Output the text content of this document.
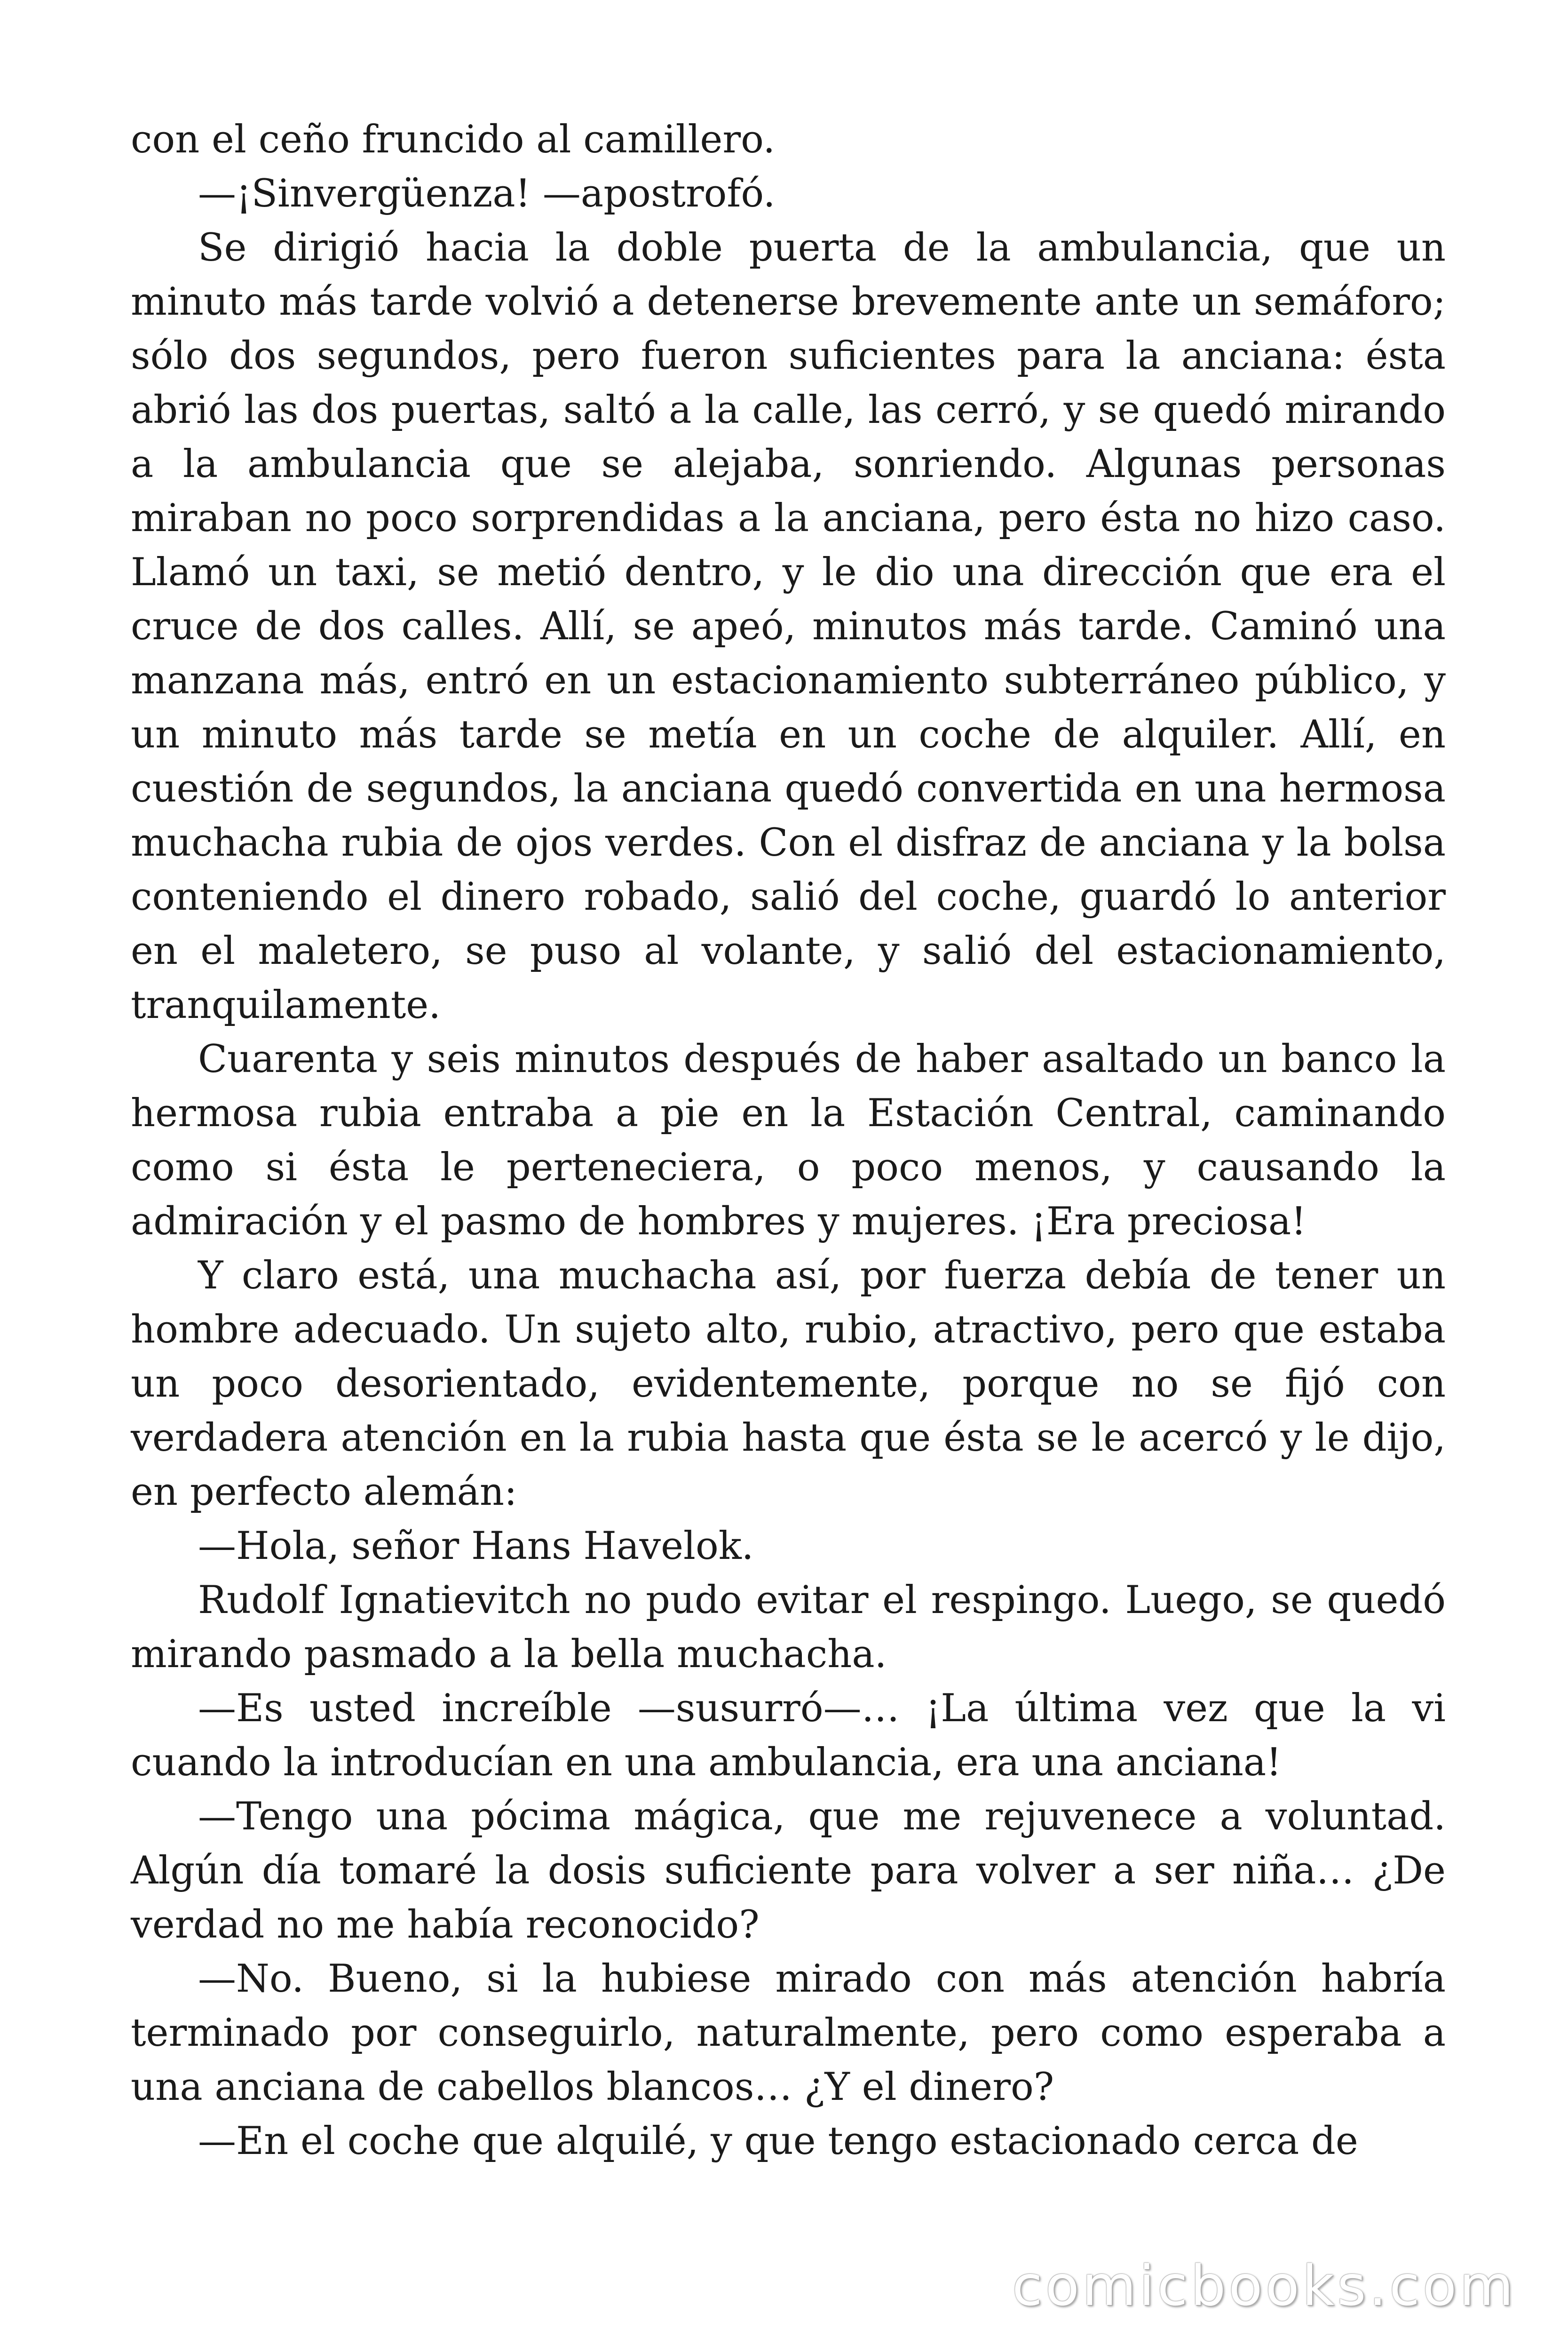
con el ceño fruncido al camillero.

—¡Sinvergüenza! —apostrofó.

Se dirigió hacia la doble puerta de la ambulancia, que un minuto más tarde volvió a detenerse brevemente ante un semáforo; sólo dos segundos, pero fueron suficientes para la anciana: ésta abrió las dos puertas, saltó a la calle, las cerró, y se quedó mirando a la ambulancia que se alejaba, sonriendo. Algunas personas miraban no poco sorprendidas a la anciana, pero ésta no hizo caso. Llamó un taxi, se metió dentro, y le dio una dirección que era el cruce de dos calles. Allí, se apeó, minutos más tarde. Caminó una manzana más, entró en un estacionamiento subterráneo público, y un minuto más tarde se metía en un coche de alquiler. Allí, en cuestión de segundos, la anciana quedó convertida en una hermosa muchacha rubia de ojos verdes. Con el disfraz de anciana y la bolsa conteniendo el dinero robado, salió del coche, guardó lo anterior en el maletero, se puso al volante, y salió del estacionamiento, tranquilamente.

Cuarenta y seis minutos después de haber asaltado un banco la hermosa rubia entraba a pie en la Estación Central, caminando como si ésta le perteneciera, o poco menos, y causando la admiración y el pasmo de hombres y mujeres. ¡Era preciosa!

Y claro está, una muchacha así, por fuerza debía de tener un hombre adecuado. Un sujeto alto, rubio, atractivo, pero que estaba un poco desorientado, evidentemente, porque no se fijó con verdadera atención en la rubia hasta que ésta se le acercó y le dijo, en perfecto alemán:

—Hola, señor Hans Havelok.

Rudolf Ignatievitch no pudo evitar el respingo. Luego, se quedó mirando pasmado a la bella muchacha.

—Es usted increíble —susurró—… ¡La última vez que la vi cuando la introducían en una ambulancia, era una anciana!

—Tengo una pócima mágica, que me rejuvenece a voluntad. Algún día tomaré la dosis suficiente para volver a ser niña… ¿De verdad no me había reconocido?

—No. Bueno, si la hubiese mirado con más atención habría terminado por conseguirlo, naturalmente, pero como esperaba a una anciana de cabellos blancos… ¿Y el dinero?

—En el coche que alquilé, y que tengo estacionado cerca de

comicbooks.com
